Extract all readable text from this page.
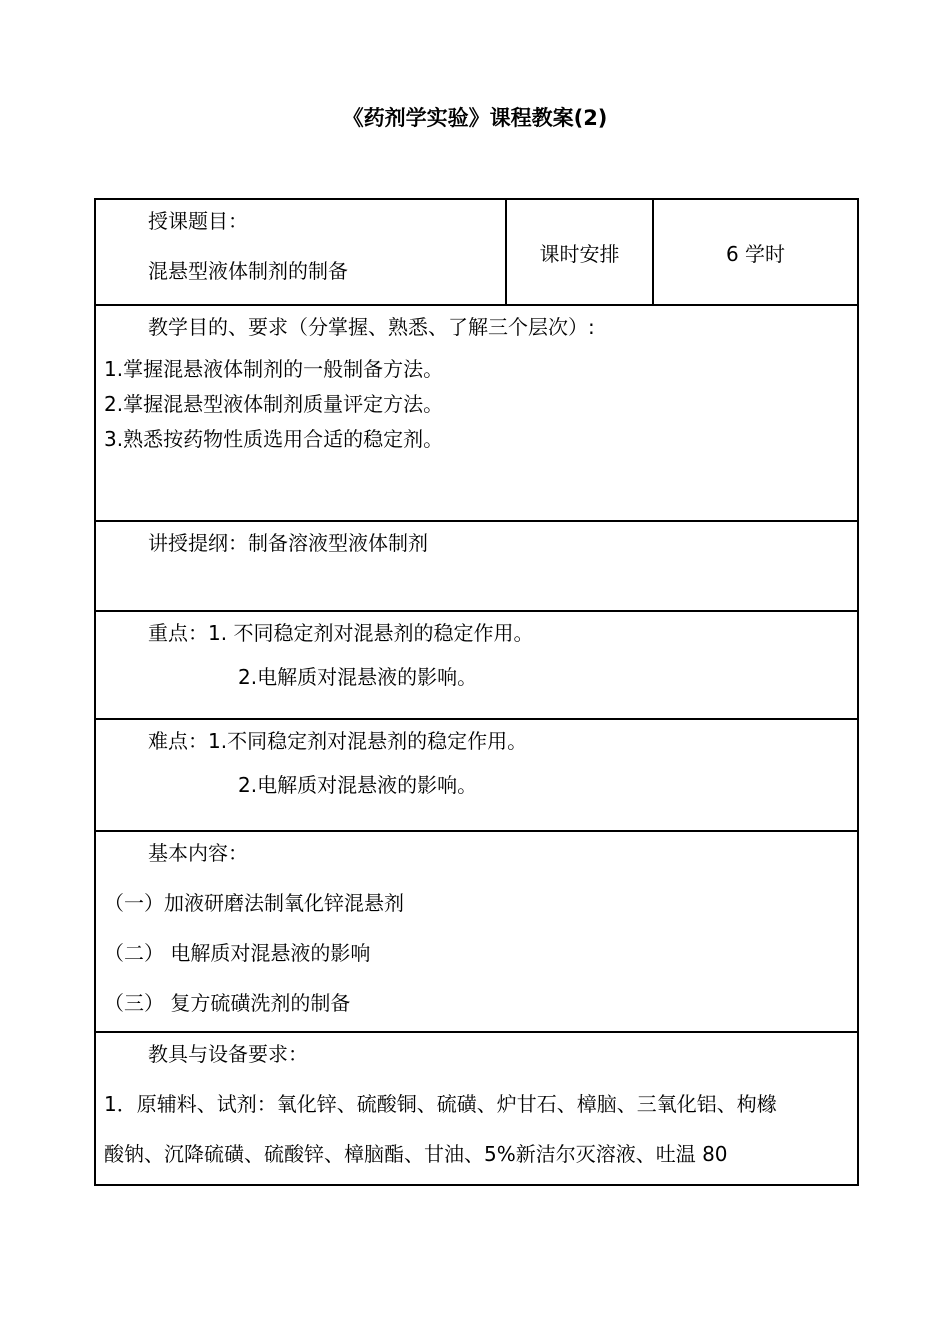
《药剂学实验》课程教案(2)
授课题目：
混悬型液体制剂的制备
	课时安排	6 学时

教学目的、要求（分掌握、熟悉、了解三个层次）:
1.掌握混悬液体制剂的一般制备方法。
2.掌握混悬型液体制剂质量评定方法。
3.熟悉按药物性质选用合适的稳定剂。

讲授提纲：制备溶液型液体制剂

重点：1. 不同稳定剂对混悬剂的稳定作用。
2.电解质对混悬液的影响。

难点：1.不同稳定剂对混悬剂的稳定作用。
2.电解质对混悬液的影响。

基本内容：
（一）加液研磨法制氧化锌混悬剂
（二） 电解质对混悬液的影响
（三） 复方硫磺洗剂的制备

教具与设备要求：
1．原辅料、试剂：氧化锌、硫酸铜、硫磺、炉甘石、樟脑、三氧化铝、枸橼
酸钠、沉降硫磺、硫酸锌、樟脑酯、甘油、5%新洁尔灭溶液、吐温 80
